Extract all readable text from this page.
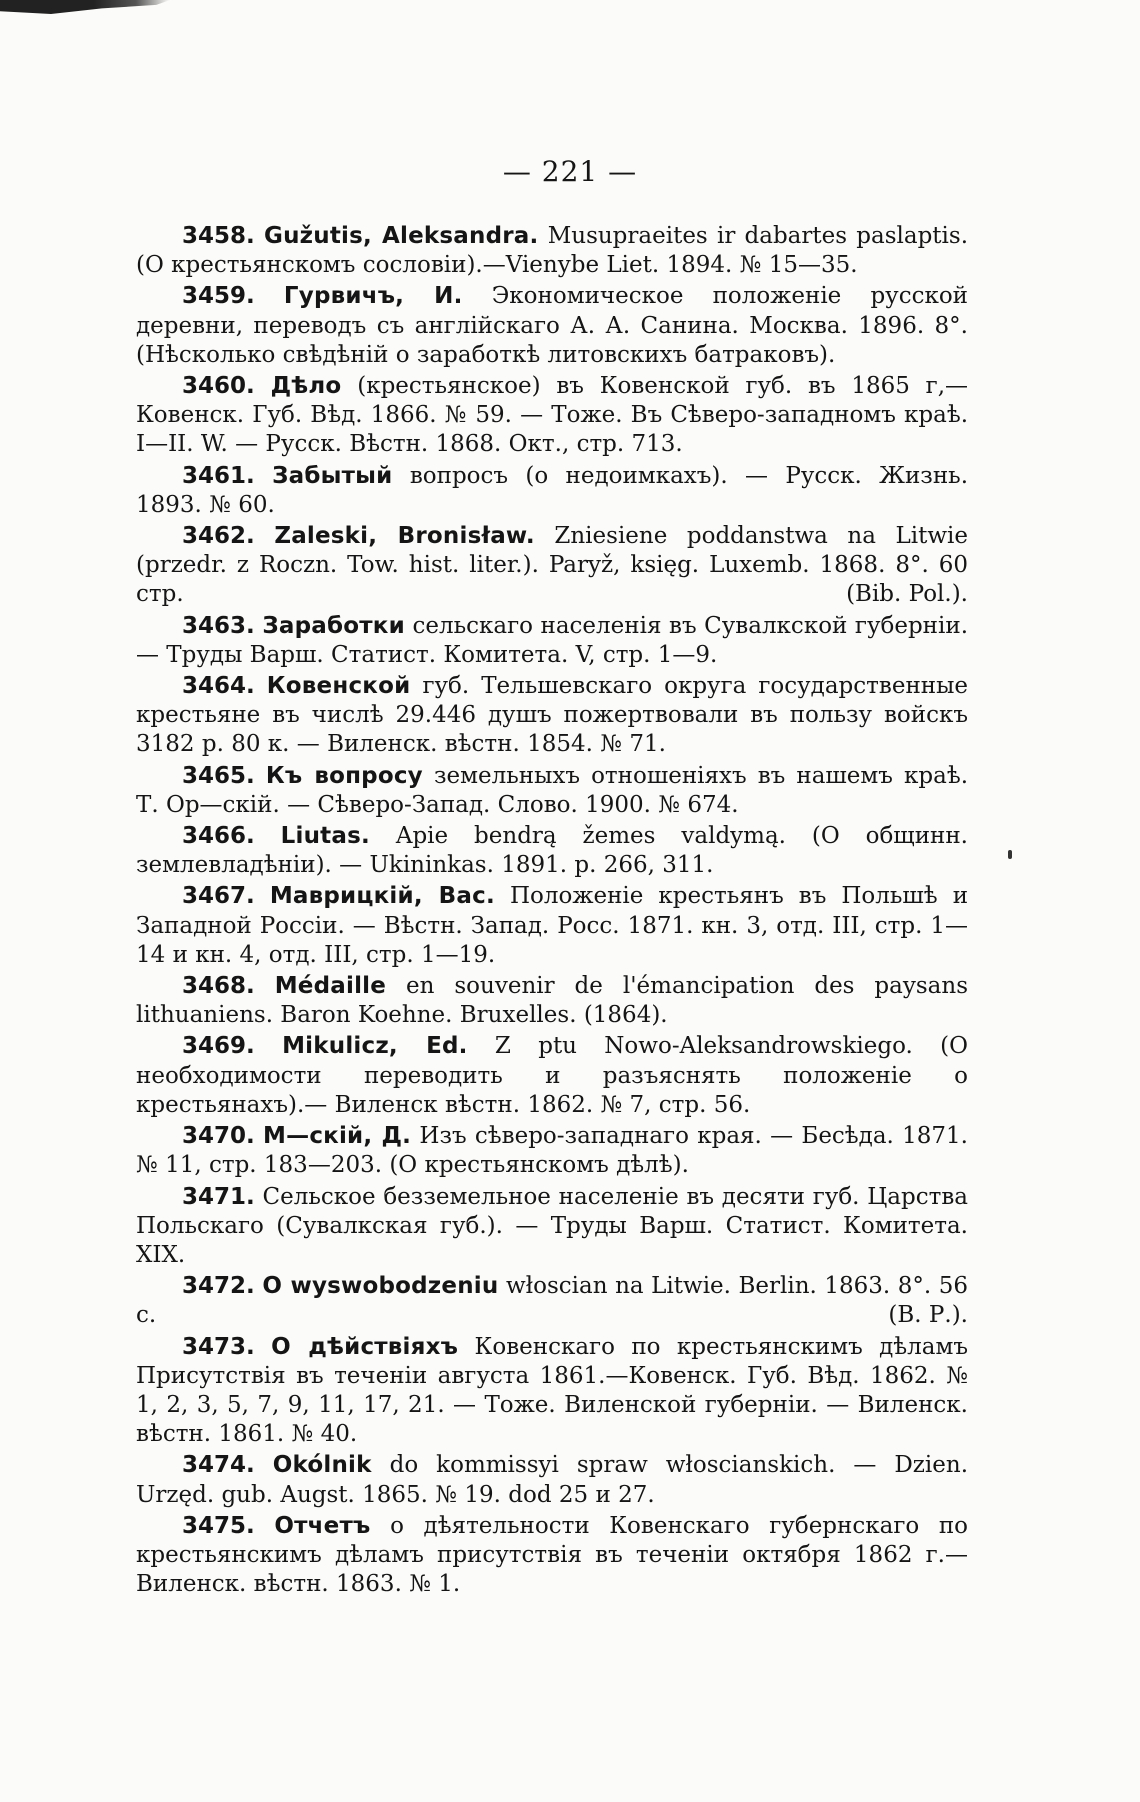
— 221 —

3458. Gužutis, Aleksandra. Musupraeites ir dabartes paslaptis. (О крестьянскомъ сословіи).—Vienybe Liet. 1894. № 15—35.

3459. Гурвичъ, И. Экономическое положеніе русской деревни, переводъ съ англійскаго А. А. Санина. Москва. 1896. 8°. (Нѣсколько свѣдѣній о заработкѣ литовскихъ батраковъ).

3460. Дѣло (крестьянское) въ Ковенской губ. въ 1865 г,— Ковенск. Губ. Вѣд. 1866. № 59. — Тоже. Въ Сѣверо-западномъ краѣ. I—II. W. — Русск. Вѣстн. 1868. Окт., стр. 713.

3461. Забытый вопросъ (о недоимкахъ). — Русск. Жизнь. 1893. № 60.

3462. Zaleski, Bronisław. Zniesiene poddanstwa na Litwie (przedr. z Roczn. Tow. hist. liter.). Paryž, księg. Luxemb. 1868. 8°. 60 стр.	(Bib. Pol.).

3463. Заработки сельскаго населенія въ Сувалкской губерніи. — Труды Варш. Статист. Комитета. V, стр. 1—9.

3464. Ковенской губ. Тельшевскаго округа государственные крестьяне въ числѣ 29.446 душъ пожертвовали въ пользу войскъ 3182 р. 80 к. — Виленск. вѣстн. 1854. № 71.

3465. Къ вопросу земельныхъ отношеніяхъ въ нашемъ краѣ. Т. Ор—скій. — Сѣверо-Запад. Слово. 1900. № 674.

3466. Liutas. Apie bendrą žemes valdymą. (О общинн. землевладѣніи). — Ukininkas. 1891. p. 266, 311.

3467. Маврицкій, Вас. Положеніе крестьянъ въ Польшѣ и Западной Россіи. — Вѣстн. Запад. Росс. 1871. кн. 3, отд. III, стр. 1—14 и кн. 4, отд. III, стр. 1—19.

3468. Médaille en souvenir de l'émancipation des paysans lithuaniens. Baron Koehne. Bruxelles. (1864).

3469. Mikulicz, Ed. Z ptu Nowo-Aleksandrowskiego. (О необходимости переводить и разъяснять положеніе о крестьянахъ).— Виленск вѣстн. 1862. № 7, стр. 56.

3470. М—скій, Д. Изъ сѣверо-западнаго края. — Бесѣда. 1871. № 11, стр. 183—203. (О крестьянскомъ дѣлѣ).

3471. Сельское безземельное населеніе въ десяти губ. Царства Польскаго (Сувалкская губ.). — Труды Варш. Статист. Комитета. XIX.

3472. O wyswobodzeniu włoscian na Litwie. Berlin. 1863. 8°. 56 с.	(В. Р.).

3473. О дѣйствіяхъ Ковенскаго по крестьянскимъ дѣламъ Присутствія въ теченіи августа 1861.—Ковенск. Губ. Вѣд. 1862. № 1, 2, 3, 5, 7, 9, 11, 17, 21. — Тоже. Виленской губерніи. — Виленск. вѣстн. 1861. № 40.

3474. Okólnik do kommissyi spraw włoscianskich. — Dzien. Urzęd. gub. Augst. 1865. № 19. dod 25 и 27.

3475. Отчетъ о дѣятельности Ковенскаго губернскаго по крестьянскимъ дѣламъ присутствія въ теченіи октября 1862 г.— Виленск. вѣстн. 1863. № 1.
